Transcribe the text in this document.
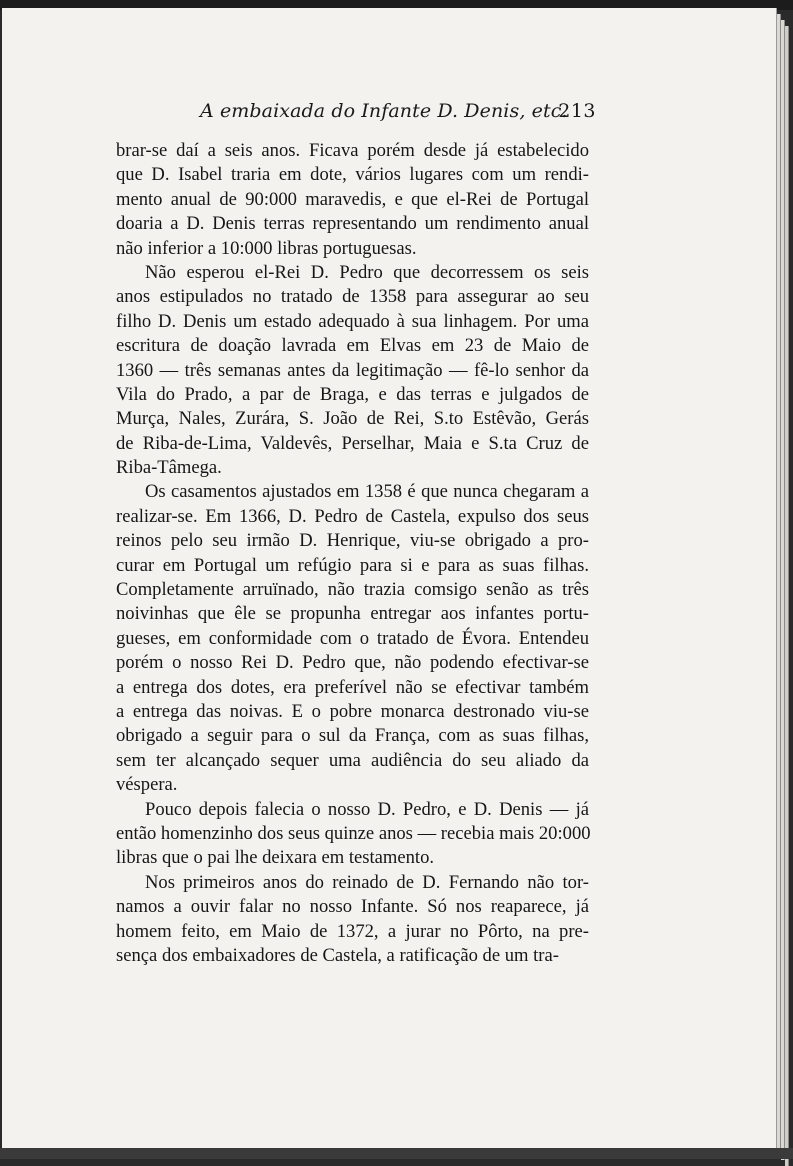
A embaixada do Infante D. Denis, etc.
213
brar-se daí a seis anos. Ficava porém desde já estabelecido
que D. Isabel traria em dote, vários lugares com um rendi-
mento anual de 90:000 maravedis, e que el-Rei de Portugal
doaria a D. Denis terras representando um rendimento anual
não inferior a 10:000 libras portuguesas.
Não esperou el-Rei D. Pedro que decorressem os seis
anos estipulados no tratado de 1358 para assegurar ao seu
filho D. Denis um estado adequado à sua linhagem. Por uma
escritura de doação lavrada em Elvas em 23 de Maio de
1360 — três semanas antes da legitimação — fê-lo senhor da
Vila do Prado, a par de Braga, e das terras e julgados de
Murça, Nales, Zurára, S. João de Rei, S.to Estêvão, Gerás
de Riba-de-Lima, Valdevês, Perselhar, Maia e S.ta Cruz de
Riba-Tâmega.
Os casamentos ajustados em 1358 é que nunca chegaram a
realizar-se. Em 1366, D. Pedro de Castela, expulso dos seus
reinos pelo seu irmão D. Henrique, viu-se obrigado a pro-
curar em Portugal um refúgio para si e para as suas filhas.
Completamente arruïnado, não trazia comsigo senão as três
noivinhas que êle se propunha entregar aos infantes portu-
gueses, em conformidade com o tratado de Évora. Entendeu
porém o nosso Rei D. Pedro que, não podendo efectivar-se
a entrega dos dotes, era preferível não se efectivar também
a entrega das noivas. E o pobre monarca destronado viu-se
obrigado a seguir para o sul da França, com as suas filhas,
sem ter alcançado sequer uma audiência do seu aliado da
véspera.
Pouco depois falecia o nosso D. Pedro, e D. Denis — já
então homenzinho dos seus quinze anos — recebia mais 20:000
libras que o pai lhe deixara em testamento.
Nos primeiros anos do reinado de D. Fernando não tor-
namos a ouvir falar no nosso Infante. Só nos reaparece, já
homem feito, em Maio de 1372, a jurar no Pôrto, na pre-
sença dos embaixadores de Castela, a ratificação de um tra-
